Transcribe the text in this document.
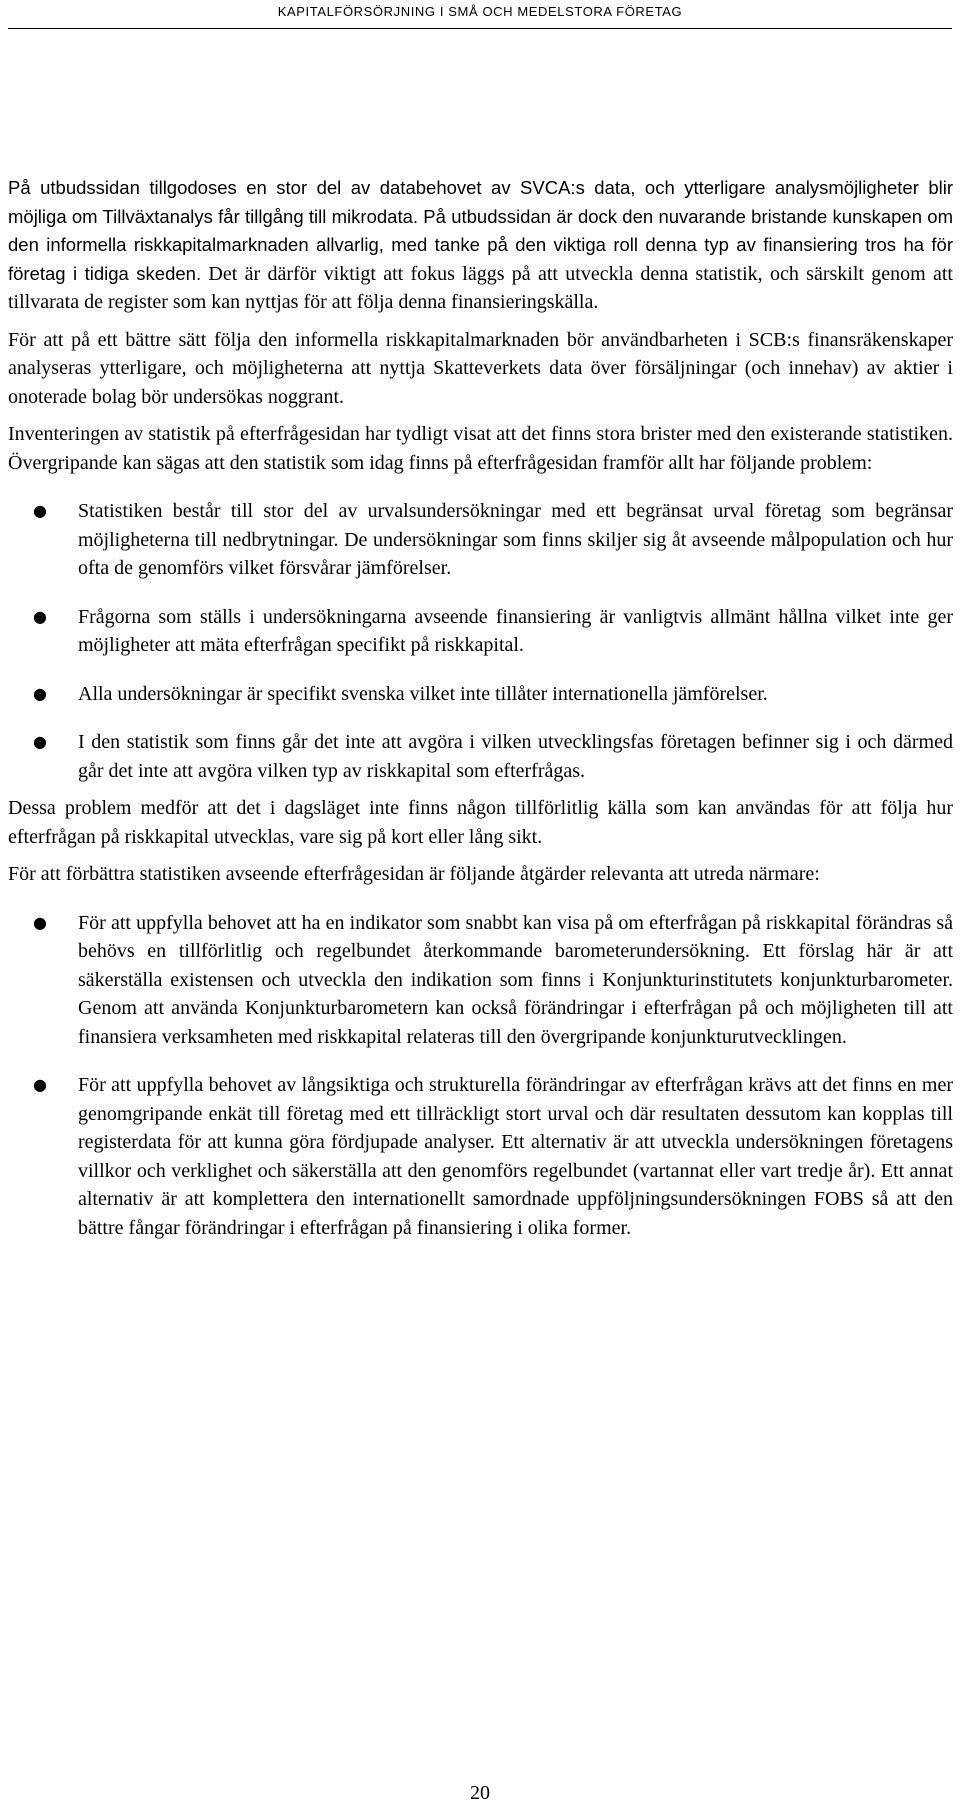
KAPITALFÖRSÖRJNING I SMÅ OCH MEDELSTORA FÖRETAG

På utbudssidan tillgodoses en stor del av databehovet av SVCA:s data, och ytterligare analysmöjligheter blir möjliga om Tillväxtanalys får tillgång till mikrodata. På utbudssidan är dock den nuvarande bristande kunskapen om den informella riskkapitalmarknaden allvarlig, med tanke på den viktiga roll denna typ av finansiering tros ha för företag i tidiga skeden. Det är därför viktigt att fokus läggs på att utveckla denna statistik, och särskilt genom att tillvarata de register som kan nyttjas för att följa denna finansieringskälla.

För att på ett bättre sätt följa den informella riskkapitalmarknaden bör användbarheten i SCB:s finansräkenskaper analyseras ytterligare, och möjligheterna att nyttja Skatteverkets data över försäljningar (och innehav) av aktier i onoterade bolag bör undersökas noggrant.

Inventeringen av statistik på efterfrågesidan har tydligt visat att det finns stora brister med den existerande statistiken. Övergripande kan sägas att den statistik som idag finns på efterfrågesidan framför allt har följande problem:

● Statistiken består till stor del av urvalsundersökningar med ett begränsat urval företag som begränsar möjligheterna till nedbrytningar. De undersökningar som finns skiljer sig åt avseende målpopulation och hur ofta de genomförs vilket försvårar jämförelser.
● Frågorna som ställs i undersökningarna avseende finansiering är vanligtvis allmänt hållna vilket inte ger möjligheter att mäta efterfrågan specifikt på riskkapital.
● Alla undersökningar är specifikt svenska vilket inte tillåter internationella jämförelser.
● I den statistik som finns går det inte att avgöra i vilken utvecklingsfas företagen befinner sig i och därmed går det inte att avgöra vilken typ av riskkapital som efterfrågas.

Dessa problem medför att det i dagsläget inte finns någon tillförlitlig källa som kan användas för att följa hur efterfrågan på riskkapital utvecklas, vare sig på kort eller lång sikt.

För att förbättra statistiken avseende efterfrågesidan är följande åtgärder relevanta att utreda närmare:

● För att uppfylla behovet att ha en indikator som snabbt kan visa på om efterfrågan på riskkapital förändras så behövs en tillförlitlig och regelbundet återkommande barometerundersökning. Ett förslag här är att säkerställa existensen och utveckla den indikation som finns i Konjunkturinstitutets konjunkturbarometer. Genom att använda Konjunkturbarometern kan också förändringar i efterfrågan på och möjligheten till att finansiera verksamheten med riskkapital relateras till den övergripande konjunkturutvecklingen.
● För att uppfylla behovet av långsiktiga och strukturella förändringar av efterfrågan krävs att det finns en mer genomgripande enkät till företag med ett tillräckligt stort urval och där resultaten dessutom kan kopplas till registerdata för att kunna göra fördjupade analyser. Ett alternativ är att utveckla undersökningen företagens villkor och verklighet och säkerställa att den genomförs regelbundet (vartannat eller vart tredje år). Ett annat alternativ är att komplettera den internationellt samordnade uppföljningsundersökningen FOBS så att den bättre fångar förändringar i efterfrågan på finansiering i olika former.
20
